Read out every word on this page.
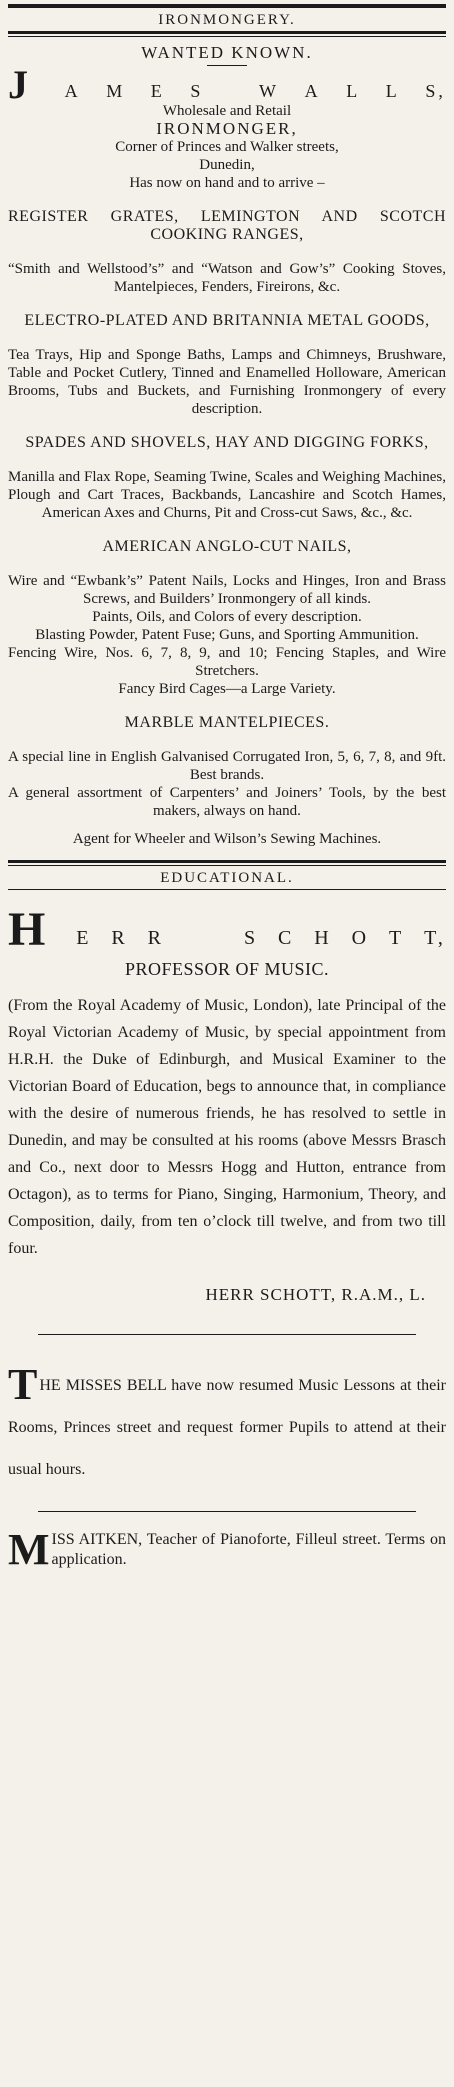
IRONMONGERY.
WANTED KNOWN.
J A M E S	W A L L S,

Wholesale and Retail

IRONMONGER,

Corner of Princes and Walker streets,

Dunedin,

Has now on hand and to arrive –

REGISTER GRATES, LEMINGTON AND SCOTCH COOKING RANGES,

“Smith and Wellstood’s” and “Watson and Gow’s” Cooking Stoves, Mantelpieces, Fenders, Fireirons, &c.

ELECTRO-PLATED AND BRITANNIA METAL GOODS,

Tea Trays, Hip and Sponge Baths, Lamps and Chimneys, Brushware, Table and Pocket Cutlery, Tinned and Enamelled Holloware, American Brooms, Tubs and Buckets, and Furnishing Ironmongery of every description.

SPADES AND SHOVELS, HAY AND DIGGING FORKS,

Manilla and Flax Rope, Seaming Twine, Scales and Weighing Machines, Plough and Cart Traces, Backbands, Lancashire and Scotch Hames, American Axes and Churns, Pit and Cross-cut Saws, &c., &c.

AMERICAN ANGLO-CUT NAILS,

Wire and “Ewbank’s” Patent Nails, Locks and Hinges, Iron and Brass Screws, and Builders’ Ironmongery of all kinds.

Paints, Oils, and Colors of every description.

Blasting Powder, Patent Fuse; Guns, and Sporting Ammunition.

Fencing Wire, Nos. 6, 7, 8, 9, and 10; Fencing Staples, and Wire Stretchers.

Fancy Bird Cages—a Large Variety.

MARBLE MANTELPIECES.

A special line in English Galvanised Corrugated Iron, 5, 6, 7, 8, and 9ft. Best brands.

A general assortment of Carpenters’ and Joiners’ Tools, by the best makers, always on hand.

Agent for Wheeler and Wilson’s Sewing Machines.

EDUCATIONAL.
H E R R	S C H O T T,

PROFESSOR OF MUSIC.

(From the Royal Academy of Music, London), late Principal of the Royal Victorian Academy of Music, by special appointment from H.R.H. the Duke of Edinburgh, and Musical Examiner to the Victorian Board of Education, begs to announce that, in compliance with the desire of numerous friends, he has resolved to settle in Dunedin, and may be consulted at his rooms (above Messrs Brasch and Co., next door to Messrs Hogg and Hutton, entrance from Octagon), as to terms for Piano, Singing, Harmonium, Theory, and Composition, daily, from ten o’clock till twelve, and from two till four.

HERR SCHOTT, R.A.M., L.

THE MISSES BELL have now resumed Music Lessons at their Rooms, Princes street and request former Pupils to attend at their usual hours.

MISS AITKEN, Teacher of Pianoforte, Filleul street. Terms on application.
